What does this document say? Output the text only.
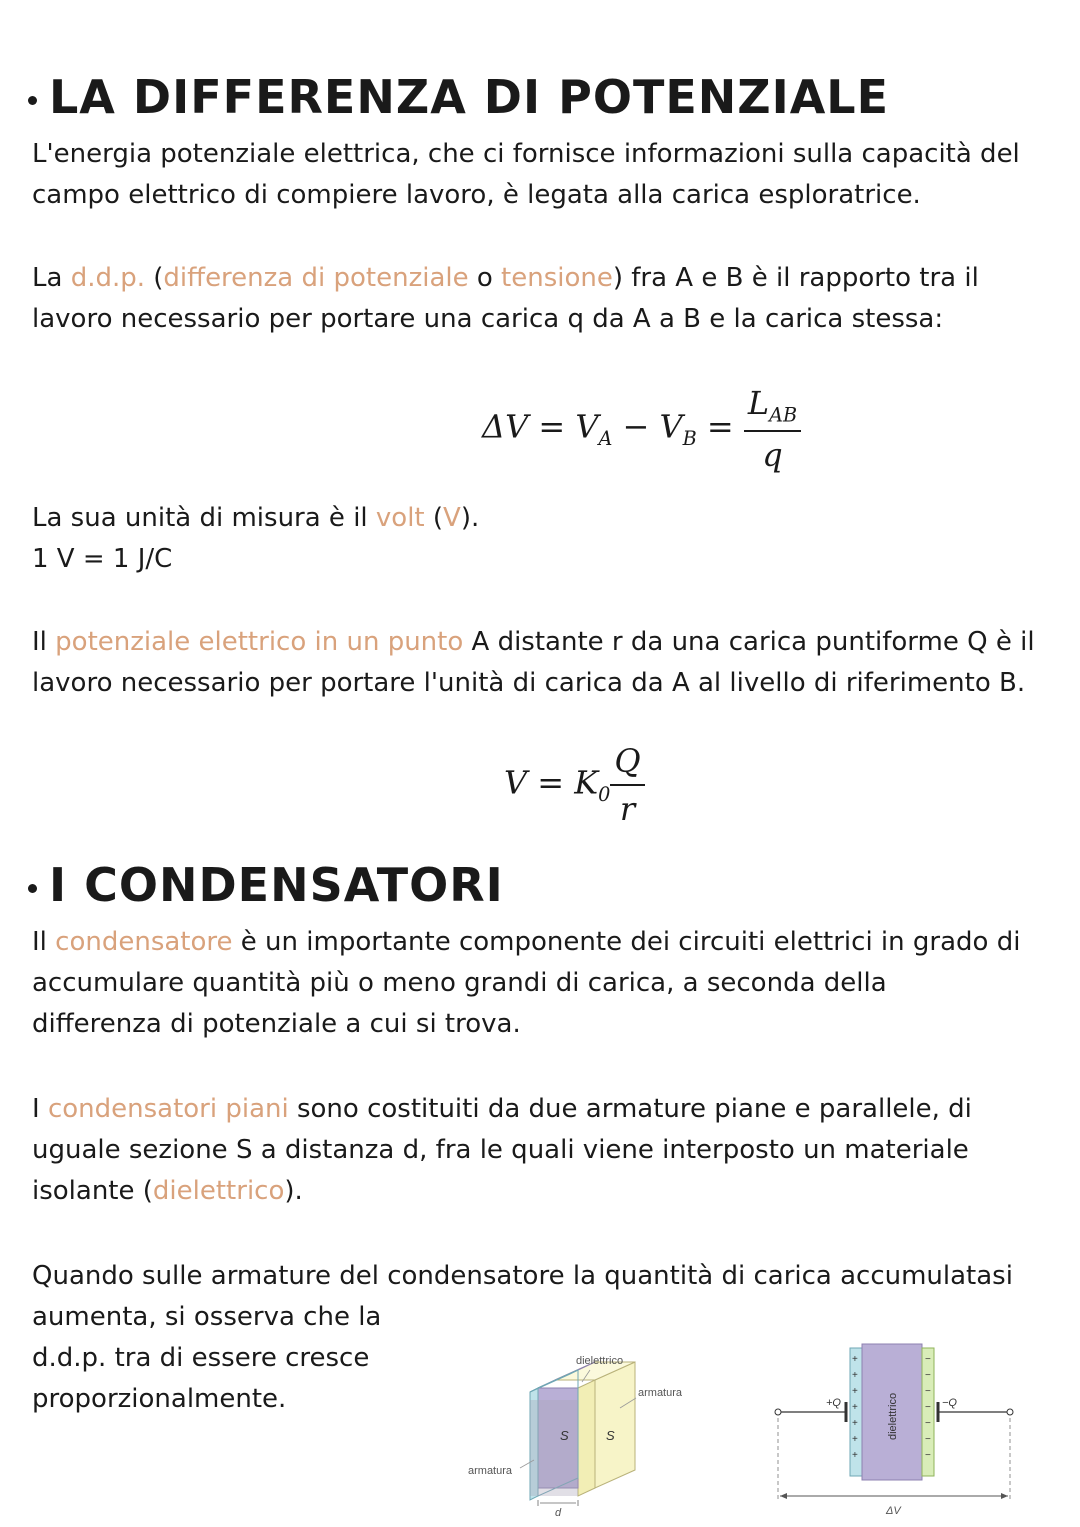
LA DIFFERENZA DI POTENZIALE
L'energia potenziale elettrica, che ci fornisce informazioni sulla capacità del
campo elettrico di compiere lavoro, è legata alla carica esploratrice.
La d.d.p. (differenza di potenziale o tensione) fra A e B è il rapporto tra il
lavoro necessario per portare una carica q da A a B e la carica stessa:
$\Delta V = V_A - V_B = \frac{L_{AB}}{q}$
La sua unità di misura è il volt (V).
1 V = 1 J/C
Il potenziale elettrico in un punto A distante r da una carica puntiforme Q è il
lavoro necessario per portare l'unità di carica da A al livello di riferimento B.
$V = K_0 \frac{Q}{r}$
I CONDENSATORI
Il condensatore è un importante componente dei circuiti elettrici in grado di
accumulare quantità più o meno grandi di carica, a seconda della
differenza di potenziale a cui si trova.
I condensatori piani sono costituiti da due armature piane e parallele, di
uguale sezione S a distanza d, fra le quali viene interposto un materiale
isolante (dielettrico).
Quando sulle armature del condensatore la quantità di carica accumulatasi
aumenta, si osserva che la
d.d.p. tra di essere cresce
proporzionalmente.
S	S
dielettrico
armatura
armatura
d
+
+
+
+
+
+
+
dielettrico
−
−
−
−
−
−
−
+Q	−Q
ΔV
